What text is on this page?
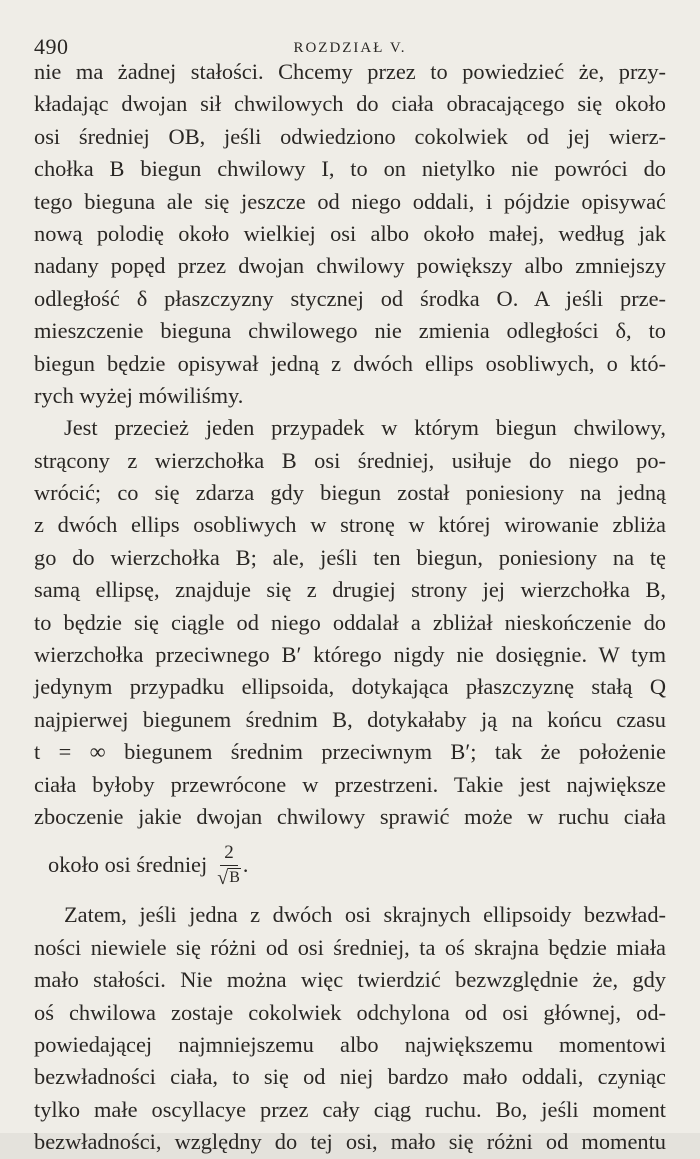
490	ROZDZIAŁ V.
nie ma żadnej stałości. Chcemy przez to powiedzieć że, przy-
kładając dwojan sił chwilowych do ciała obracającego się około
osi średniej OB, jeśli odwiedziono cokolwiek od jej wierz-
chołka B biegun chwilowy I, to on nietylko nie powróci do
tego bieguna ale się jeszcze od niego oddali, i pójdzie opisywać
nową polodię około wielkiej osi albo około małej, według jak
nadany popęd przez dwojan chwilowy powiększy albo zmniejszy
odległość δ płaszczyzny stycznej od środka O. A jeśli prze-
mieszczenie bieguna chwilowego nie zmienia odległości δ, to
biegun będzie opisywał jedną z dwóch ellips osobliwych, o któ-
rych wyżej mówiliśmy.
Jest przecież jeden przypadek w którym biegun chwilowy,
strącony z wierzchołka B osi średniej, usiłuje do niego po-
wrócić; co się zdarza gdy biegun został poniesiony na jedną
z dwóch ellips osobliwych w stronę w której wirowanie zbliża
go do wierzchołka B; ale, jeśli ten biegun, poniesiony na tę
samą ellipsę, znajduje się z drugiej strony jej wierzchołka B,
to będzie się ciągle od niego oddalał a zbliżał nieskończenie do
wierzchołka przeciwnego B′ którego nigdy nie dosięgnie. W tym
jedynym przypadku ellipsoida, dotykająca płaszczyznę stałą Q
najpierwej biegunem średnim B, dotykałaby ją na końcu czasu
t = ∞ biegunem średnim przeciwnym B′; tak że położenie
ciała byłoby przewrócone w przestrzeni. Takie jest największe
zboczenie jakie dwojan chwilowy sprawić może w ruchu ciała
około osi średniej $\frac{2}{√ B}$ .
Zatem, jeśli jedna z dwóch osi skrajnych ellipsoidy bezwład-
ności niewiele się różni od osi średniej, ta oś skrajna będzie miała
mało stałości. Nie można więc twierdzić bezwzględnie że, gdy
oś chwilowa zostaje cokolwiek odchylona od osi głównej, od-
powiedającej najmniejszemu albo największemu momentowi
bezwładności ciała, to się od niej bardzo mało oddali, czyniąc
tylko małe oscyllacye przez cały ciąg ruchu. Bo, jeśli moment
bezwładności, względny do tej osi, mało się różni od momentu
